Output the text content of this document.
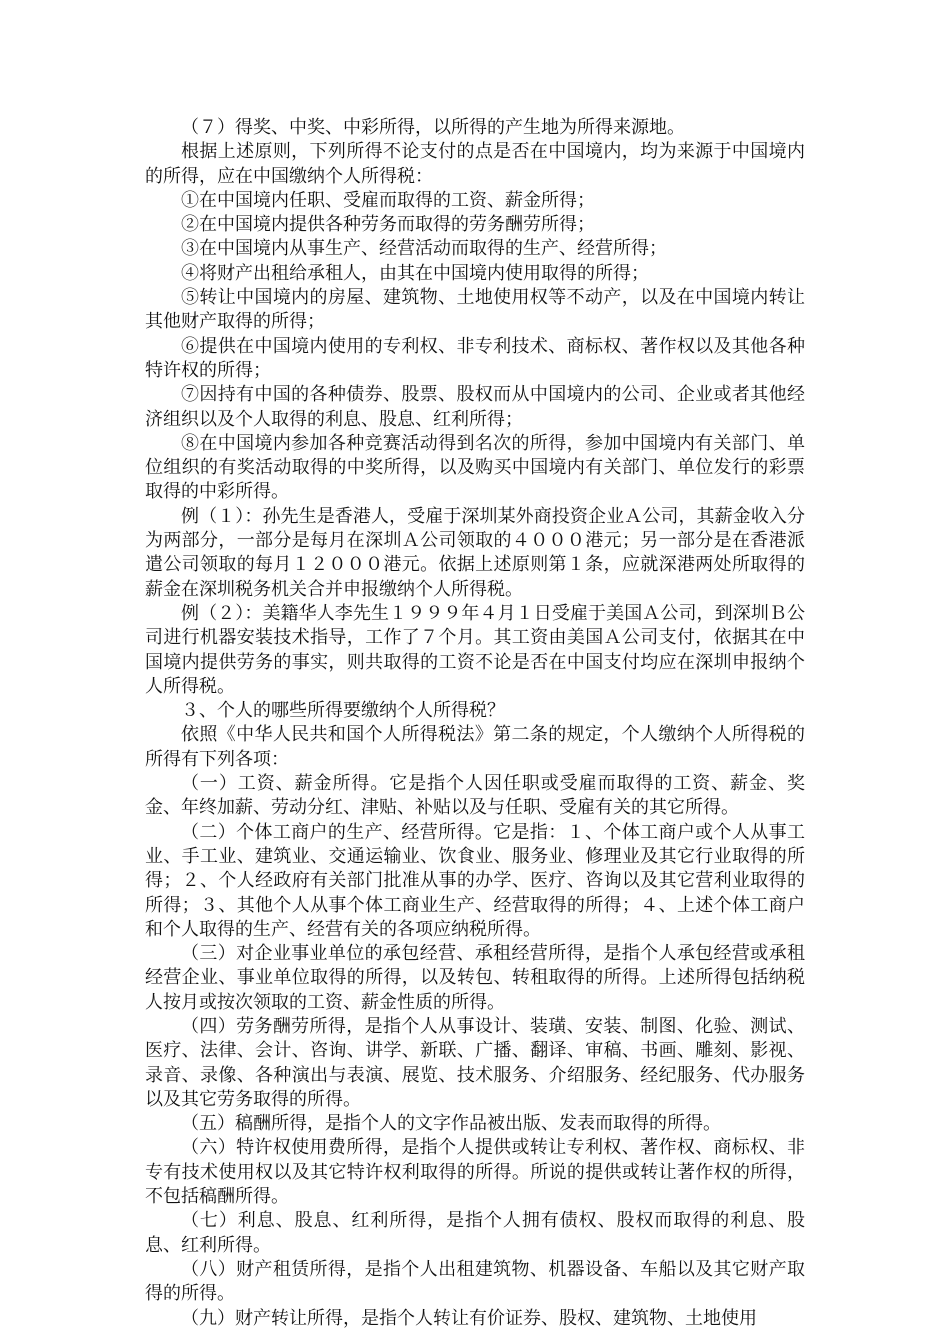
（７）得奖、中奖、中彩所得，以所得的产生地为所得来源地。

根据上述原则，下列所得不论支付的点是否在中国境内，均为来源于中国境内的所得，应在中国缴纳个人所得税：

①在中国境内任职、受雇而取得的工资、薪金所得；

②在中国境内提供各种劳务而取得的劳务酬劳所得；

③在中国境内从事生产、经营活动而取得的生产、经营所得；

④将财产出租给承租人，由其在中国境内使用取得的所得；

⑤转让中国境内的房屋、建筑物、土地使用权等不动产，以及在中国境内转让其他财产取得的所得；

⑥提供在中国境内使用的专利权、非专利技术、商标权、著作权以及其他各种特许权的所得；

⑦因持有中国的各种债券、股票、股权而从中国境内的公司、企业或者其他经济组织以及个人取得的利息、股息、红利所得；

⑧在中国境内参加各种竞赛活动得到名次的所得，参加中国境内有关部门、单位组织的有奖活动取得的中奖所得，以及购买中国境内有关部门、单位发行的彩票取得的中彩所得。

例（１）：孙先生是香港人，受雇于深圳某外商投资企业Ａ公司，其薪金收入分为两部分，一部分是每月在深圳Ａ公司领取的４０００港元；另一部分是在香港派遣公司领取的每月１２０００港元。依据上述原则第１条，应就深港两处所取得的薪金在深圳税务机关合并申报缴纳个人所得税。

例（２）：美籍华人李先生１９９９年４月１日受雇于美国Ａ公司，到深圳Ｂ公司进行机器安装技术指导，工作了７个月。其工资由美国Ａ公司支付，依据其在中国境内提供劳务的事实，则共取得的工资不论是否在中国支付均应在深圳申报纳个人所得税。

３、个人的哪些所得要缴纳个人所得税？

依照《中华人民共和国个人所得税法》第二条的规定，个人缴纳个人所得税的所得有下列各项：

（一）工资、薪金所得。它是指个人因任职或受雇而取得的工资、薪金、奖金、年终加薪、劳动分红、津贴、补贴以及与任职、受雇有关的其它所得。

（二）个体工商户的生产、经营所得。它是指：１、个体工商户或个人从事工业、手工业、建筑业、交通运输业、饮食业、服务业、修理业及其它行业取得的所得；２、个人经政府有关部门批准从事的办学、医疗、咨询以及其它营利业取得的所得；３、其他个人从事个体工商业生产、经营取得的所得；４、上述个体工商户和个人取得的生产、经营有关的各项应纳税所得。

（三）对企业事业单位的承包经营、承租经营所得，是指个人承包经营或承租经营企业、事业单位取得的所得，以及转包、转租取得的所得。上述所得包括纳税人按月或按次领取的工资、薪金性质的所得。

（四）劳务酬劳所得，是指个人从事设计、装璜、安装、制图、化验、测试、医疗、法律、会计、咨询、讲学、新联、广播、翻译、审稿、书画、雕刻、影视、录音、录像、各种演出与表演、展览、技术服务、介绍服务、经纪服务、代办服务以及其它劳务取得的所得。

（五）稿酬所得，是指个人的文字作品被出版、发表而取得的所得。

（六）特许权使用费所得，是指个人提供或转让专利权、著作权、商标权、非专有技术使用权以及其它特许权利取得的所得。所说的提供或转让著作权的所得，不包括稿酬所得。

（七）利息、股息、红利所得，是指个人拥有债权、股权而取得的利息、股息、红利所得。

（八）财产租赁所得，是指个人出租建筑物、机器设备、车船以及其它财产取得的所得。

（九）财产转让所得，是指个人转让有价证券、股权、建筑物、土地使用
